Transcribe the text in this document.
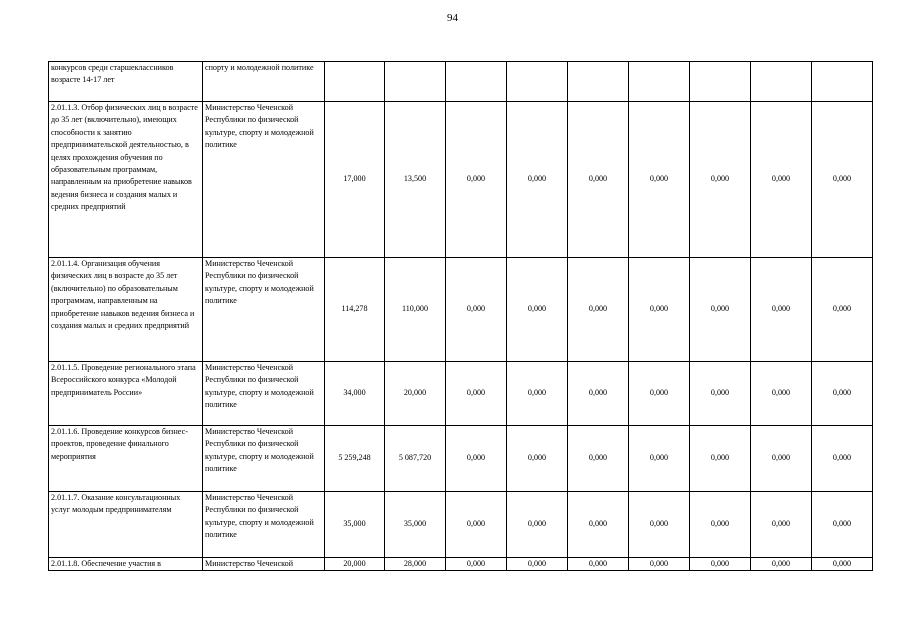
94
конкурсов среди старшеклассников возрасте 14-17 лет	спорту и молодежной политике									
2.01.1.3. Отбор физических лиц в возрасте до 35 лет (включительно), имеющих способности к занятию предпринимательской деятельностью, в целях прохождения обучения по образовательным программам, направленным на приобретение навыков ведения бизнеса и создания малых и средних предприятий	Министерство Чеченской Республики по физической культуре, спорту и молодежной политике	17,000	13,500	0,000	0,000	0,000	0,000	0,000	0,000	0,000
2.01.1.4. Организация обучения физических лиц в возрасте до 35 лет (включительно) по образовательным программам, направленным на приобретение навыков ведения бизнеса и создания малых и средних предприятий	Министерство Чеченской Республики по физической культуре, спорту и молодежной политике	114,278	110,000	0,000	0,000	0,000	0,000	0,000	0,000	0,000
2.01.1.5. Проведение регионального этапа Всероссийского конкурса «Молодой предприниматель России»	Министерство Чеченской Республики по физической культуре, спорту и молодежной политике	34,000	20,000	0,000	0,000	0,000	0,000	0,000	0,000	0,000
2.01.1.6. Проведение конкурсов бизнес-проектов, проведение финального мероприятия	Министерство Чеченской Республики по физической культуре, спорту и молодежной политике	5 259,248	5 087,720	0,000	0,000	0,000	0,000	0,000	0,000	0,000
2.01.1.7. Оказание консультационных услуг молодым предпринимателям	Министерство Чеченской Республики по физической культуре, спорту и молодежной политике	35,000	35,000	0,000	0,000	0,000	0,000	0,000	0,000	0,000
2.01.1.8. Обеспечение участия в	Министерство Чеченской	20,000	28,000	0,000	0,000	0,000	0,000	0,000	0,000	0,000
